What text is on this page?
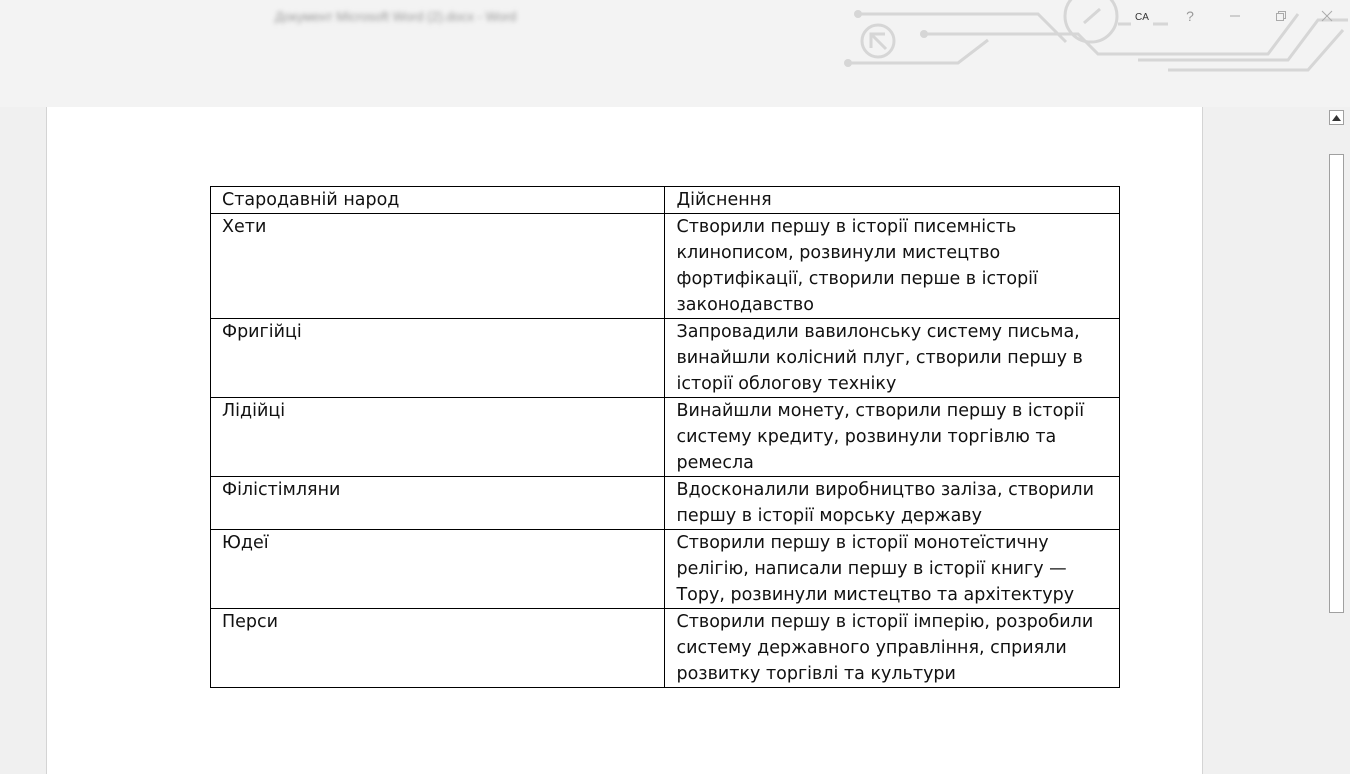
Документ Microsoft Word (2).docx - Word	CA	?
Стародавній народ	Дійснення
Хети	Створили першу в історії писемність клинописом, розвинули мистецтво фортифікації, створили перше в історії законодавство
Фригійці	Запровадили вавилонську систему письма, винайшли колісний плуг, створили першу в історії облогову техніку
Лідійці	Винайшли монету, створили першу в історії систему кредиту, розвинули торгівлю та ремесла
Філістімляни	Вдосконалили виробництво заліза, створили першу в історії морську державу
Юдеї	Створили першу в історії монотеїстичну релігію, написали першу в історії книгу — Тору, розвинули мистецтво та архітектуру
Перси	Створили першу в історії імперію, розробили систему державного управління, сприяли розвитку торгівлі та культури
